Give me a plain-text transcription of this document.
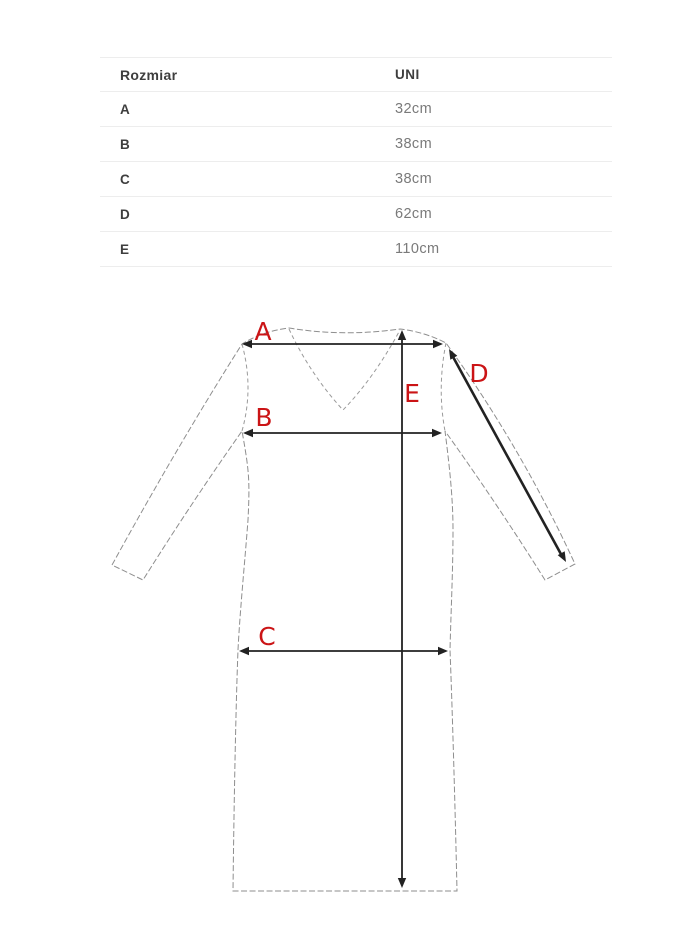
Rozmiar	UNI
A	32cm
B	38cm
C	38cm
D	62cm
E	110cm
A
B
C
D
E
